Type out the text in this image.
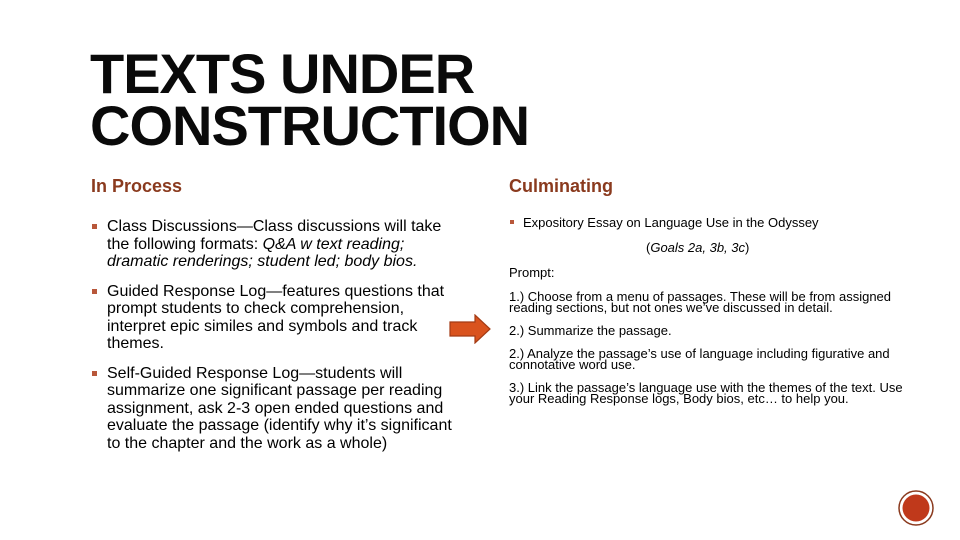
TEXTS UNDER CONSTRUCTION
In Process	Culminating
Class Discussions—Class discussions will take the following formats: Q&A w text reading; dramatic renderings; student led; body bios.
Guided Response Log—features questions that prompt students to check comprehension, interpret epic similes and symbols and track themes.
Self-Guided Response Log—students will summarize one significant passage per reading assignment, ask 2-3 open ended questions and evaluate the passage (identify why it’s significant to the chapter and the work as a whole)

Expository Essay on Language Use in the Odyssey

(Goals 2a, 3b, 3c)

Prompt:

1.) Choose from a menu of passages. These will be from assigned reading sections, but not ones we’ve discussed in detail.

2.) Summarize the passage.

2.) Analyze the passage’s use of language including figurative and connotative word use.

3.) Link the passage’s language use with the themes of the text. Use your Reading Response logs, Body bios, etc… to help you.
